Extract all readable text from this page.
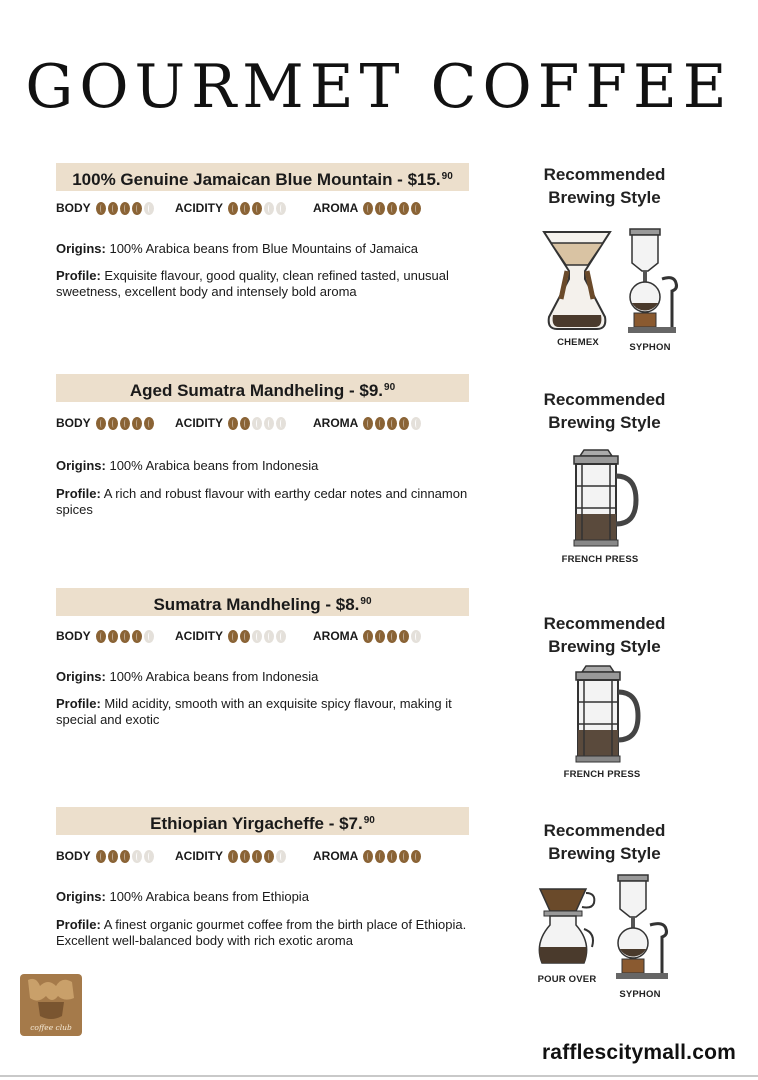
GOURMET COFFEE
100% Genuine Jamaican Blue Mountain - $15.90
BODY	ACIDITY	AROMA

Origins: 100% Arabica beans from Blue Mountains of Jamaica

Profile: Exquisite flavour, good quality, clean refined tasted, unusual sweetness, excellent body and intensely bold aroma

Recommended
Brewing Style
CHEMEX	SYPHON
Aged Sumatra Mandheling - $9.90
BODY	ACIDITY	AROMA

Origins: 100% Arabica beans from Indonesia

Profile: A rich and robust flavour with earthy cedar notes and cinnamon spices

Recommended
Brewing Style
FRENCH PRESS
Sumatra Mandheling - $8.90
BODY	ACIDITY	AROMA

Origins: 100% Arabica beans from Indonesia

Profile: Mild acidity, smooth with an exquisite spicy flavour, making it special and exotic

Recommended
Brewing Style
FRENCH PRESS
Ethiopian Yirgacheffe - $7.90
BODY	ACIDITY	AROMA

Origins: 100% Arabica beans from Ethiopia

Profile: A finest organic gourmet coffee from the birth place of Ethiopia. Excellent well-balanced body with rich exotic aroma

Recommended
Brewing Style
POUR OVER
SYPHON
coffee club
rafflescitymall.com
